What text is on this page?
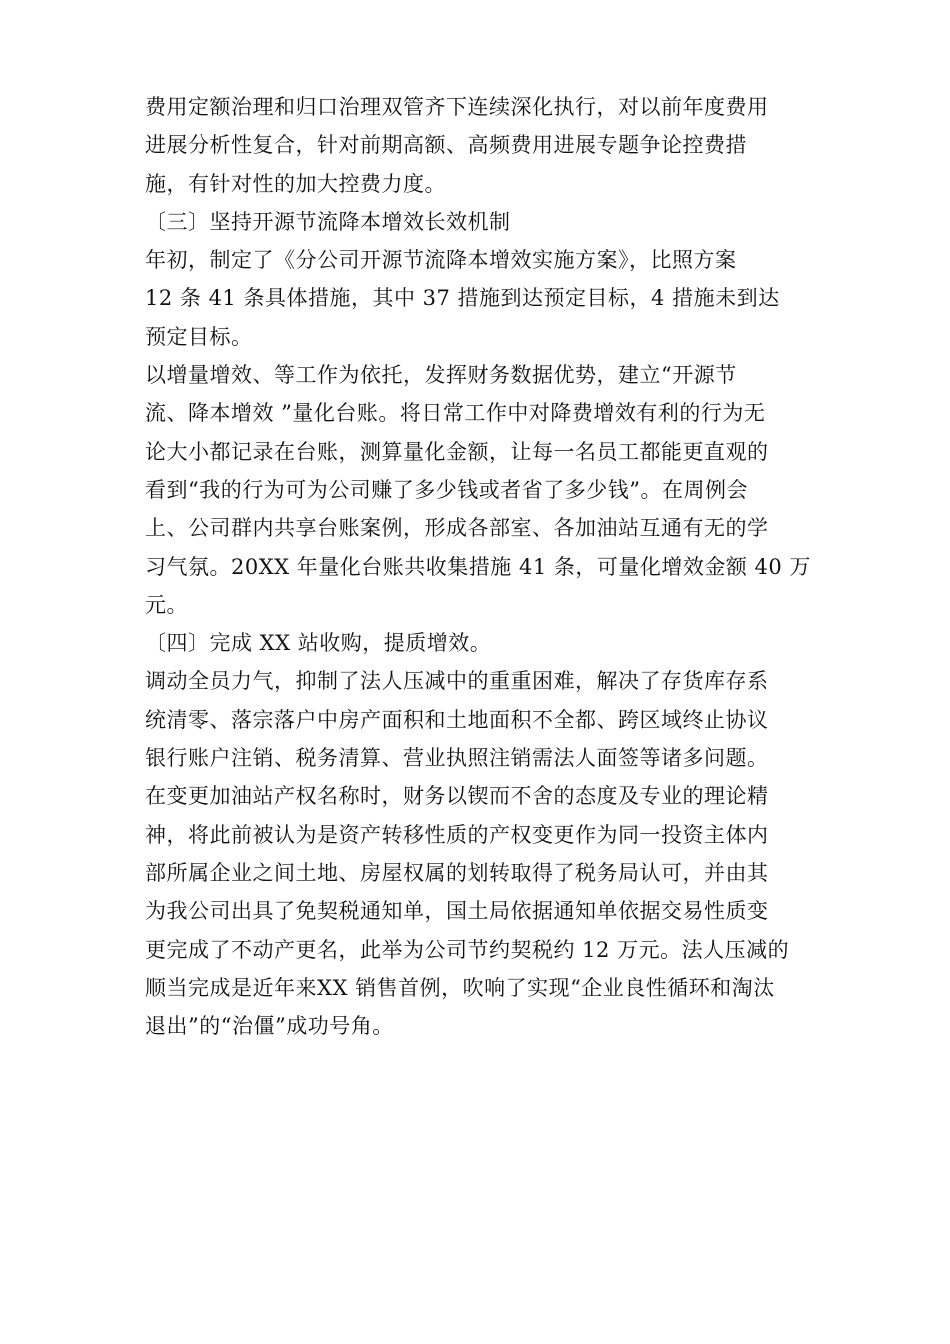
费用定额治理和归口治理双管齐下连续深化执行，对以前年度费用
进展分析性复合，针对前期高额、高频费用进展专题争论控费措
施，有针对性的加大控费力度。
〔三〕坚持开源节流降本增效长效机制
年初，制定了《分公司开源节流降本增效实施方案》，比照方案
12 条 41 条具体措施，其中 37 措施到达预定目标，4 措施未到达
预定目标。
以增量增效、等工作为依托，发挥财务数据优势，建立“开源节
流、降本增效 ”量化台账。将日常工作中对降费增效有利的行为无
论大小都记录在台账，测算量化金额，让每一名员工都能更直观的
看到“我的行为可为公司赚了多少钱或者省了多少钱”。在周例会
上、公司群内共享台账案例，形成各部室、各加油站互通有无的学
习气氛。20XX 年量化台账共收集措施 41 条，可量化增效金额 40 万
元。
〔四〕完成 XX 站收购，提质增效。
调动全员力气，抑制了法人压减中的重重困难，解决了存货库存系
统清零、落宗落户中房产面积和土地面积不全都、跨区域终止协议
银行账户注销、税务清算、营业执照注销需法人面签等诸多问题。
在变更加油站产权名称时，财务以锲而不舍的态度及专业的理论精
神，将此前被认为是资产转移性质的产权变更作为同一投资主体内
部所属企业之间土地、房屋权属的划转取得了税务局认可，并由其
为我公司出具了免契税通知单，国土局依据通知单依据交易性质变
更完成了不动产更名，此举为公司节约契税约 12 万元。法人压减的
顺当完成是近年来XX 销售首例，吹响了实现“企业良性循环和淘汰
退出”的“治僵”成功号角。
